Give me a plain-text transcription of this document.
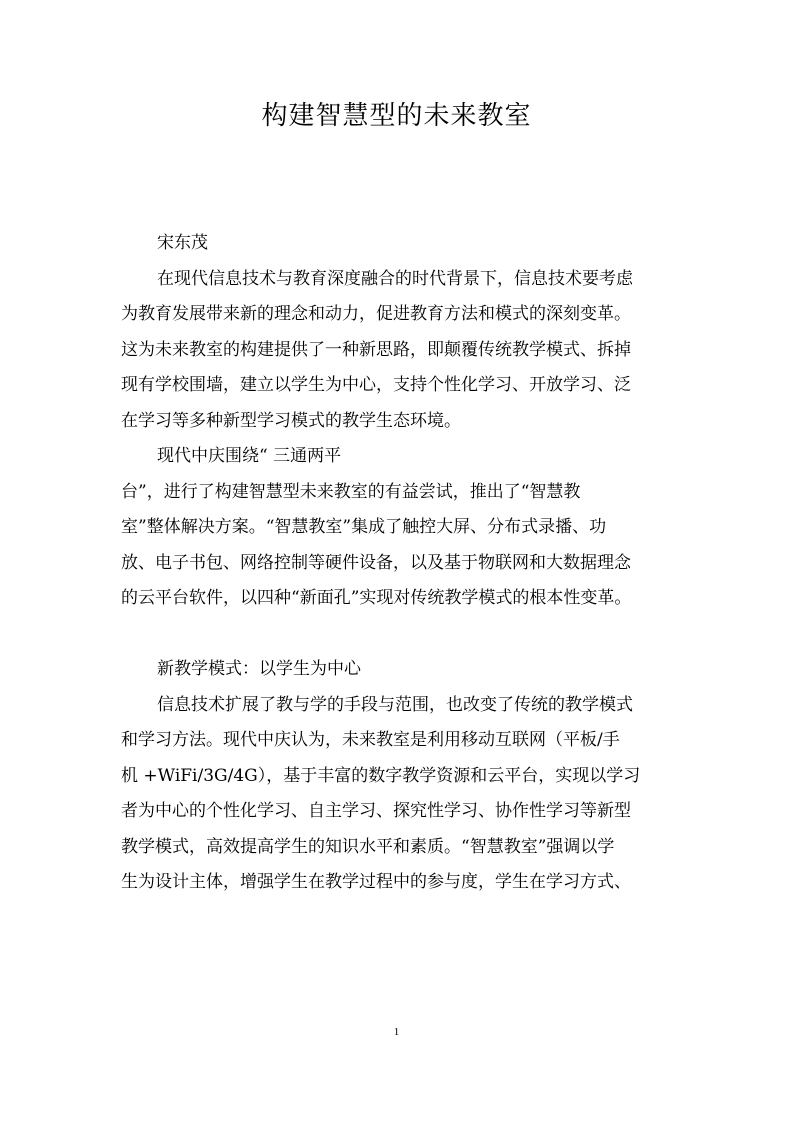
构建智慧型的未来教室
宋东茂
在现代信息技术与教育深度融合的时代背景下，信息技术要考虑
为教育发展带来新的理念和动力，促进教育方法和模式的深刻变革。
这为未来教室的构建提供了一种新思路，即颠覆传统教学模式、拆掉
现有学校围墙，建立以学生为中心，支持个性化学习、开放学习、泛
在学习等多种新型学习模式的教学生态环境。
现代中庆围绕“ 三通两平
台”，进行了构建智慧型未来教室的有益尝试，推出了“智慧教
室”整体解决方案。“智慧教室”集成了触控大屏、分布式录播、功
放、电子书包、网络控制等硬件设备，以及基于物联网和大数据理念
的云平台软件，以四种“新面孔”实现对传统教学模式的根本性变革。
新教学模式：以学生为中心
信息技术扩展了教与学的手段与范围，也改变了传统的教学模式
和学习方法。现代中庆认为，未来教室是利用移动互联网（平板/手
机 +WiFi/3G/4G），基于丰富的数字教学资源和云平台，实现以学习
者为中心的个性化学习、自主学习、探究性学习、协作性学习等新型
教学模式，高效提高学生的知识水平和素质。“智慧教室”强调以学
生为设计主体，增强学生在教学过程中的参与度，学生在学习方式、
1
